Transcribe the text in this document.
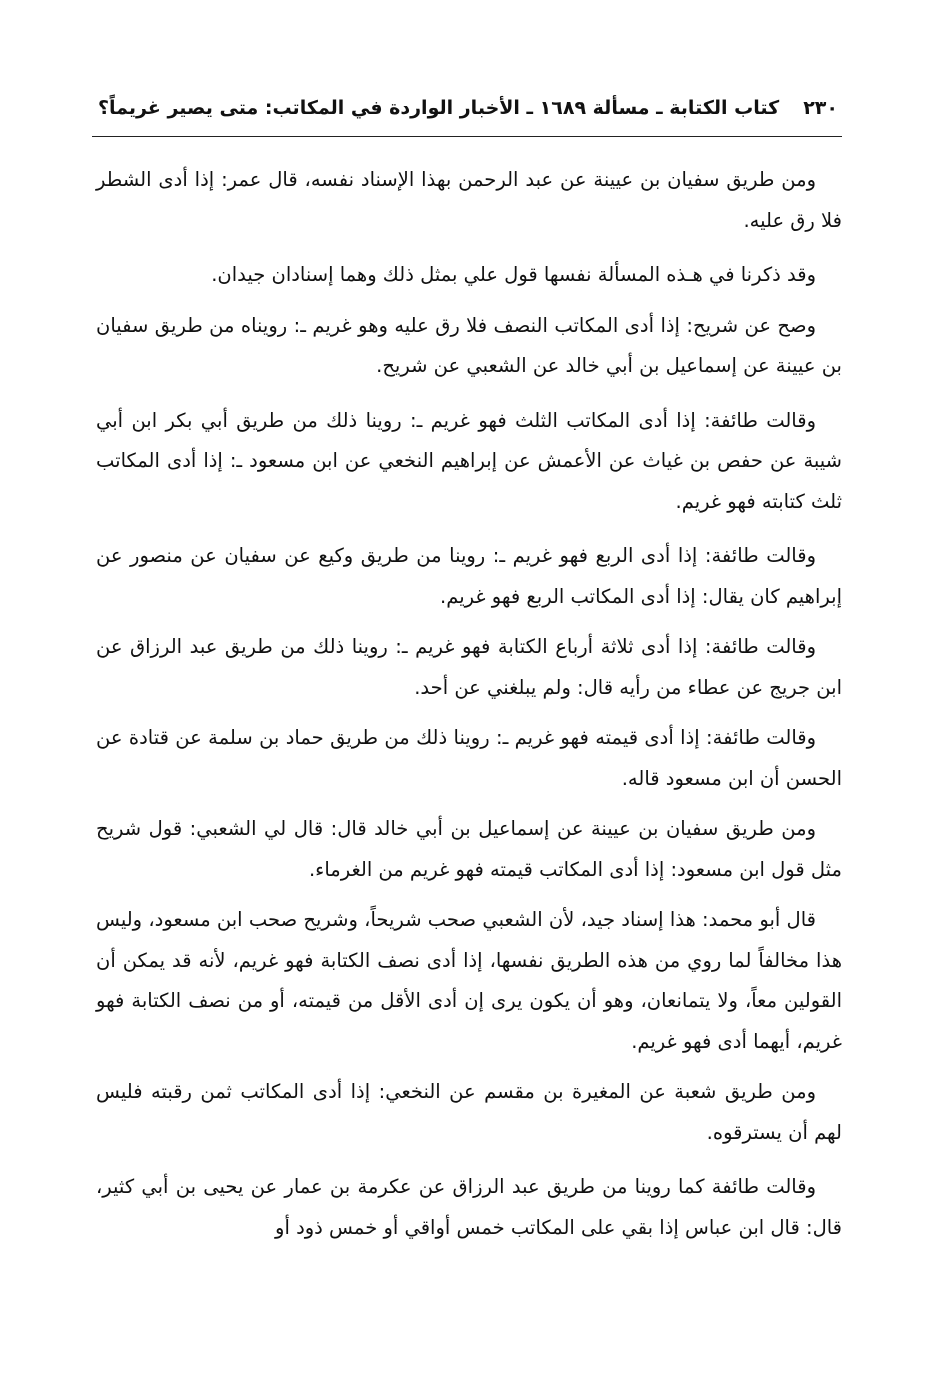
٢٣٠
كتاب الكتابة ـ مسألة ١٦٨٩ ـ الأخبار الواردة في المكاتب: متى يصير غريماً؟

ومن طريق سفيان بن عيينة عن عبد الرحمن بهذا الإسناد نفسه، قال عمر: إذا أدى الشطر فلا رق عليه.

وقد ذكرنا في هـذه المسألة نفسها قول علي بمثل ذلك وهما إسنادان جيدان.

وصح عن شريح: إذا أدى المكاتب النصف فلا رق عليه وهو غريم ـ: رويناه من طريق سفيان بن عيينة عن إسماعيل بن أبي خالد عن الشعبي عن شريح.

وقالت طائفة: إذا أدى المكاتب الثلث فهو غريم ـ: روينا ذلك من طريق أبي بكر ابن أبي شيبة عن حفص بن غياث عن الأعمش عن إبراهيم النخعي عن ابن مسعود ـ: إذا أدى المكاتب ثلث كتابته فهو غريم.

وقالت طائفة: إذا أدى الربع فهو غريم ـ: روينا من طريق وكيع عن سفيان عن منصور عن إبراهيم كان يقال: إذا أدى المكاتب الربع فهو غريم.

وقالت طائفة: إذا أدى ثلاثة أرباع الكتابة فهو غريم ـ: روينا ذلك من طريق عبد الرزاق عن ابن جريج عن عطاء من رأيه قال: ولم يبلغني عن أحد.

وقالت طائفة: إذا أدى قيمته فهو غريم ـ: روينا ذلك من طريق حماد بن سلمة عن قتادة عن الحسن أن ابن مسعود قاله.

ومن طريق سفيان بن عيينة عن إسماعيل بن أبي خالد قال: قال لي الشعبي: قول شريح مثل قول ابن مسعود: إذا أدى المكاتب قيمته فهو غريم من الغرماء.

قال أبو محمد: هذا إسناد جيد، لأن الشعبي صحب شريحاً، وشريح صحب ابن مسعود، وليس هذا مخالفاً لما روي من هذه الطريق نفسها، إذا أدى نصف الكتابة فهو غريم، لأنه قد يمكن أن القولين معاً، ولا يتمانعان، وهو أن يكون يرى إن أدى الأقل من قيمته، أو من نصف الكتابة فهو غريم، أيهما أدى فهو غريم.

ومن طريق شعبة عن المغيرة بن مقسم عن النخعي: إذا أدى المكاتب ثمن رقبته فليس لهم أن يسترقوه.

وقالت طائفة كما روينا من طريق عبد الرزاق عن عكرمة بن عمار عن يحيى بن أبي كثير، قال: قال ابن عباس إذا بقي على المكاتب خمس أواقي أو خمس ذود أو
